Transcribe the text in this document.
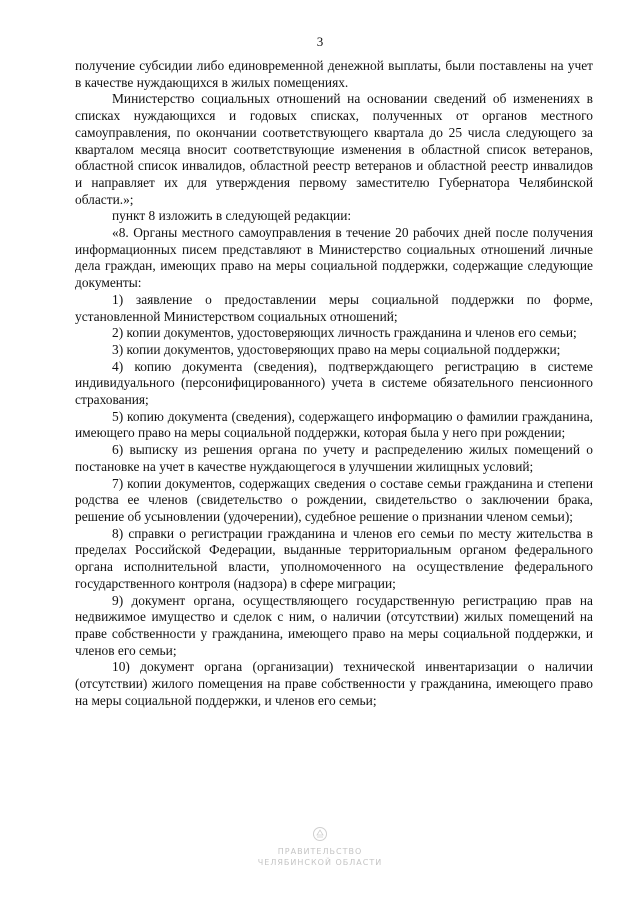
3

получение субсидии либо единовременной денежной выплаты, были поставлены на учет в качестве нуждающихся в жилых помещениях.

Министерство социальных отношений на основании сведений об изменениях в списках нуждающихся и годовых списках, полученных от органов местного самоуправления, по окончании соответствующего квартала до 25 числа следующего за кварталом месяца вносит соответствующие изменения в областной список ветеранов, областной список инвалидов, областной реестр ветеранов и областной реестр инвалидов и направляет их для утверждения первому заместителю Губернатора Челябинской области.»;

пункт 8 изложить в следующей редакции:

«8. Органы местного самоуправления в течение 20 рабочих дней после получения информационных писем представляют в Министерство социальных отношений личные дела граждан, имеющих право на меры социальной поддержки, содержащие следующие документы:

1) заявление о предоставлении меры социальной поддержки по форме, установленной Министерством социальных отношений;

2) копии документов, удостоверяющих личность гражданина и членов его семьи;

3) копии документов, удостоверяющих право на меры социальной поддержки;

4) копию документа (сведения), подтверждающего регистрацию в системе индивидуального (персонифицированного) учета в системе обязательного пенсионного страхования;

5) копию документа (сведения), содержащего информацию о фамилии гражданина, имеющего право на меры социальной поддержки, которая была у него при рождении;

6) выписку из решения органа по учету и распределению жилых помещений о постановке на учет в качестве нуждающегося в улучшении жилищных условий;

7) копии документов, содержащих сведения о составе семьи гражданина и степени родства ее членов (свидетельство о рождении, свидетельство о заключении брака, решение об усыновлении (удочерении), судебное решение о признании членом семьи);

8) справки о регистрации гражданина и членов его семьи по месту жительства в пределах Российской Федерации, выданные территориальным органом федерального органа исполнительной власти, уполномоченного на осуществление федерального государственного контроля (надзора) в сфере миграции;

9) документ органа, осуществляющего государственную регистрацию прав на недвижимое имущество и сделок с ним, о наличии (отсутствии) жилых помещений на праве собственности у гражданина, имеющего право на меры социальной поддержки, и членов его семьи;

10) документ органа (организации) технической инвентаризации о наличии (отсутствии) жилого помещения на праве собственности у гражданина, имеющего право на меры социальной поддержки, и членов его семьи;

ПРАВИТЕЛЬСТВО
ЧЕЛЯБИНСКОЙ ОБЛАСТИ
